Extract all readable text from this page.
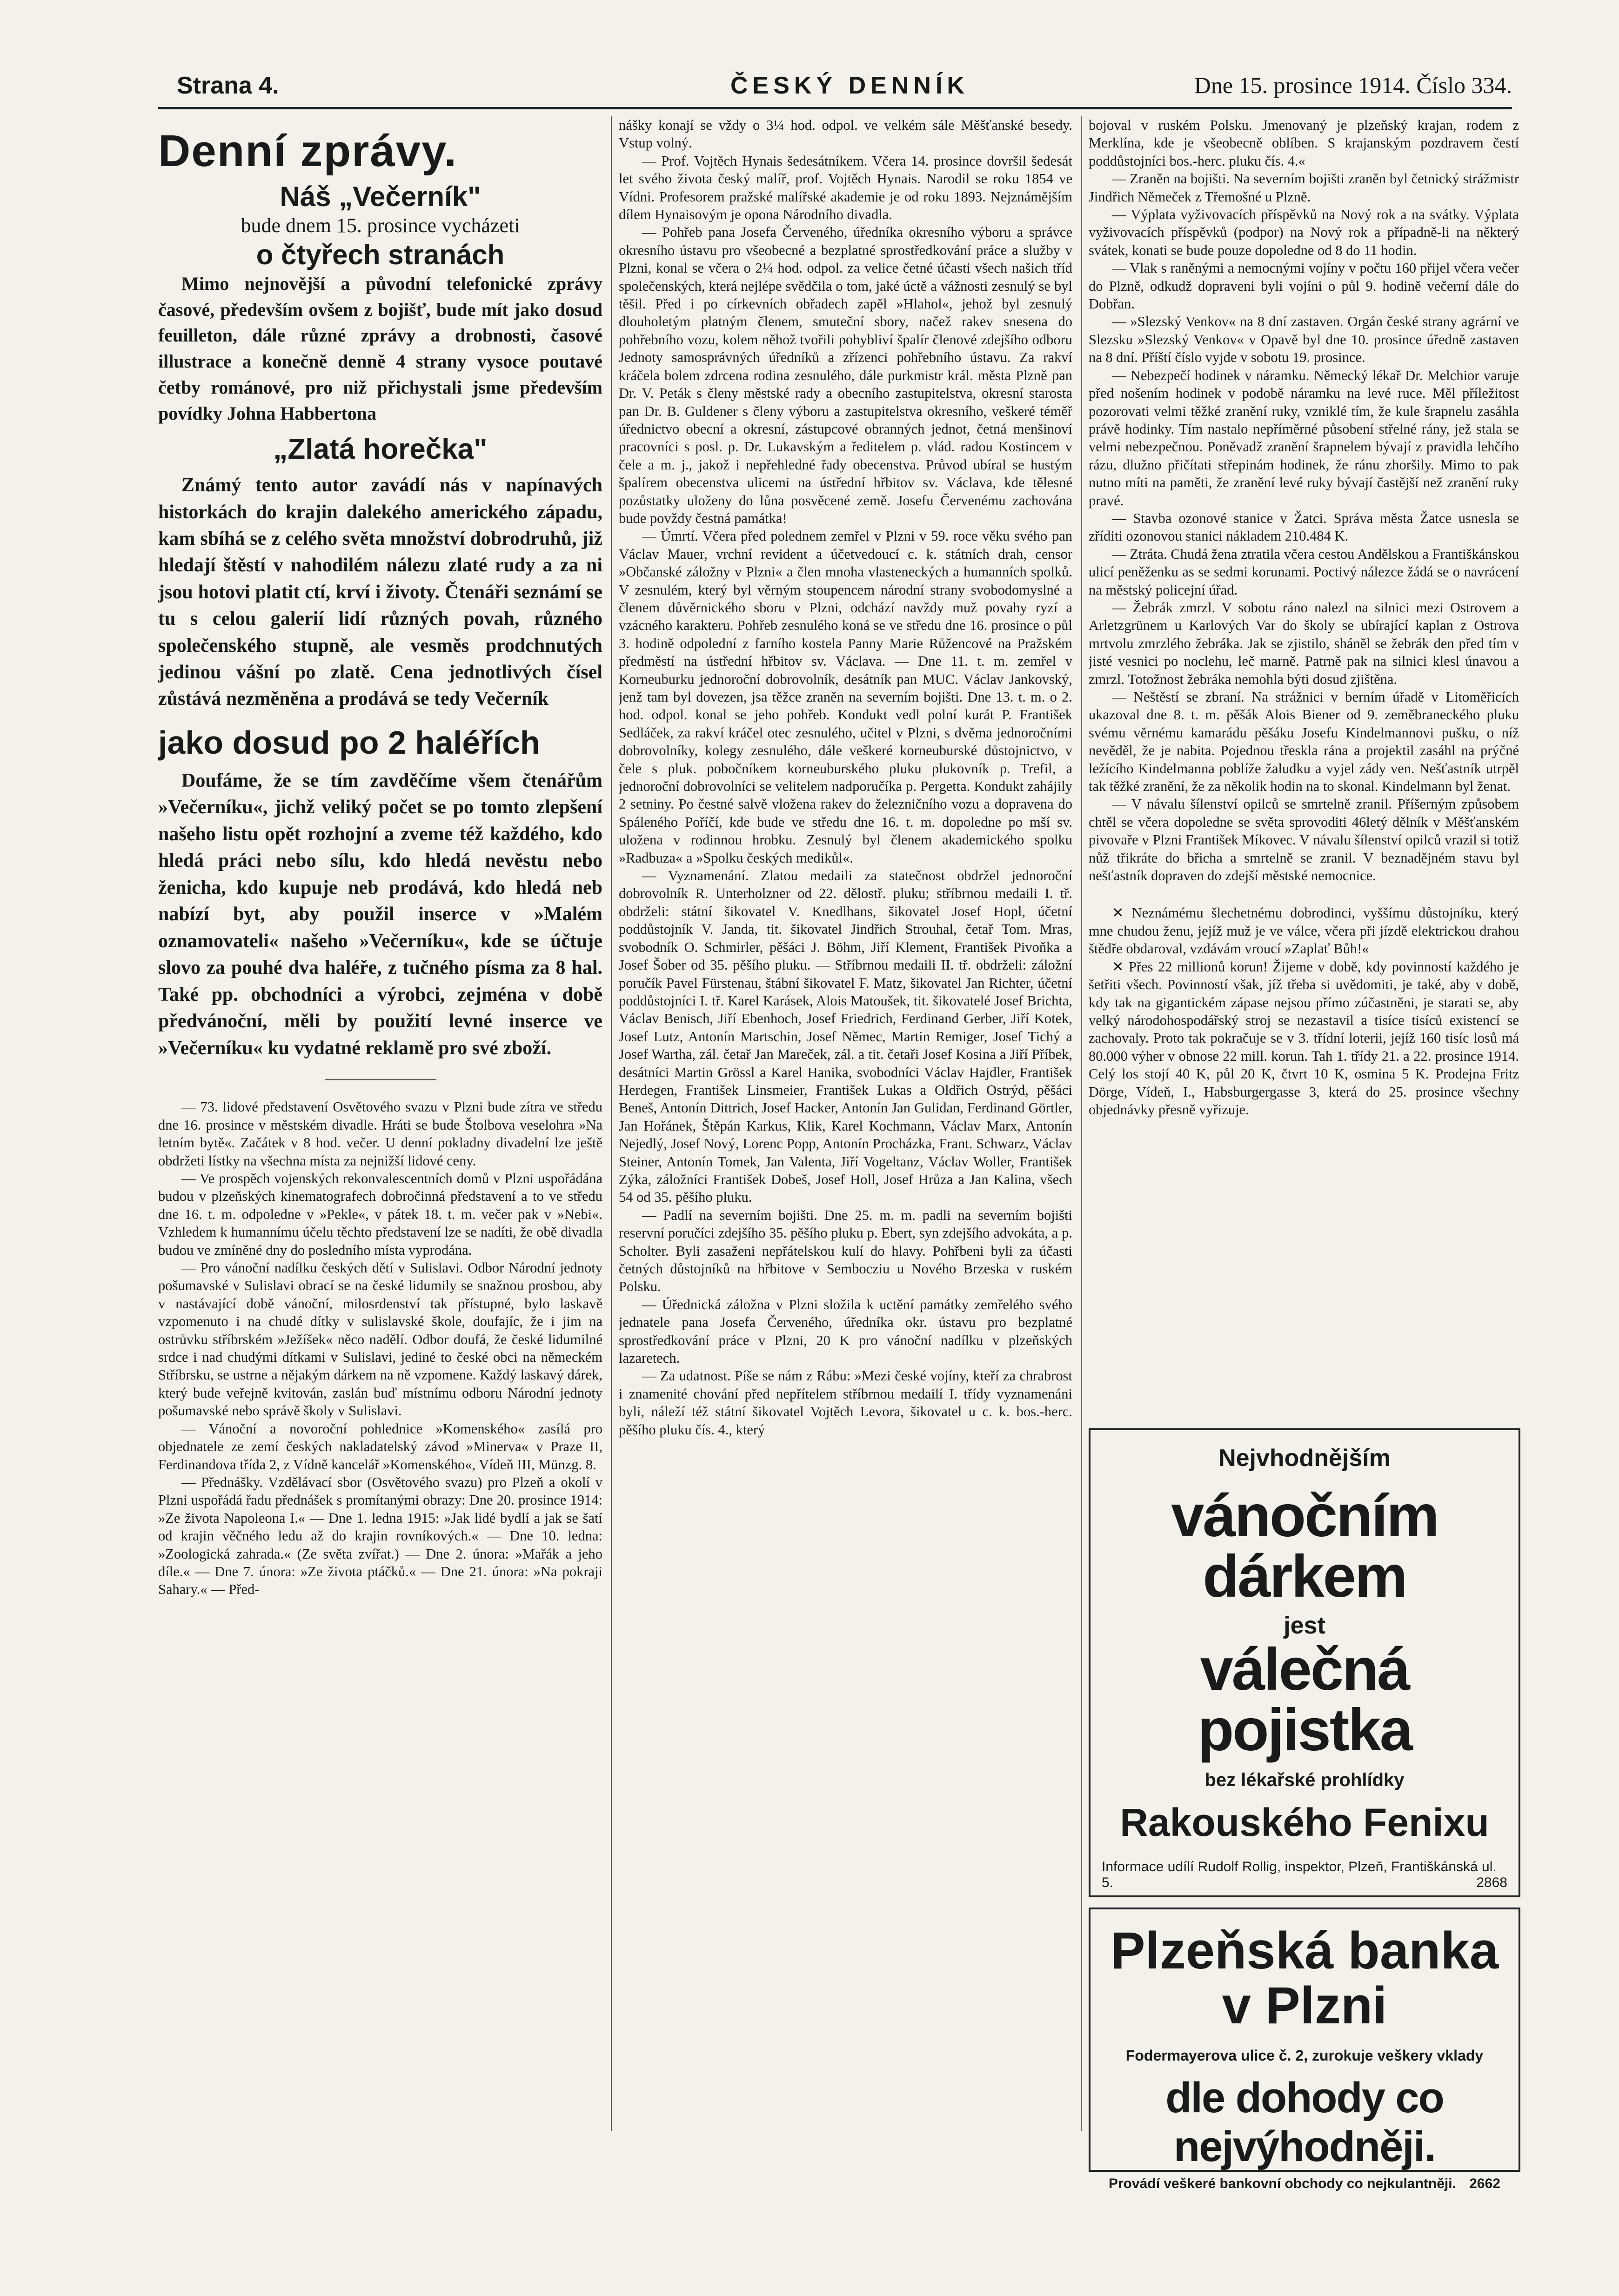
Strana 4.	ČESKÝ DENNÍK	Dne 15. prosince 1914. Číslo 334.
Denní zprávy.
Náš „Večerník"

bude dnem 15. prosince vycházeti

o čtyřech stranách

Mimo nejnovější a původní telefonické zprávy časové, především ovšem z bojišť, bude mít jako dosud feuilleton, dále různé zprávy a drobnosti, časové illustrace a konečně denně 4 strany vysoce poutavé četby románové, pro niž přichystali jsme především povídky Johna Habbertona

„Zlatá horečka"

Známý tento autor zavádí nás v napínavých historkách do krajin dalekého amerického západu, kam sbíhá se z celého světa množství dobrodruhů, již hledají štěstí v nahodilém nálezu zlaté rudy a za ni jsou hotovi platit ctí, krví i životy. Čtenáři seznámí se tu s celou galerií lidí různých povah, různého společenského stupně, ale vesměs prodchnutých jedinou vášní po zlatě. Cena jednotlivých čísel zůstává nezměněna a prodává se tedy Večerník

jako dosud po 2 haléřích

Doufáme, že se tím zavděčíme všem čtenářům »Večerníku«, jichž veliký počet se po tomto zlepšení našeho listu opět rozhojní a zveme též každého, kdo hledá práci nebo sílu, kdo hledá nevěstu nebo ženicha, kdo kupuje neb prodává, kdo hledá neb nabízí byt, aby použil inserce v »Malém oznamovateli« našeho »Večerníku«, kde se účtuje slovo za pouhé dva haléře, z tučného písma za 8 hal. Také pp. obchodníci a výrobci, zejména v době předvánoční, měli by použití levné inserce ve »Večerníku« ku vydatné reklamě pro své zboží.

— 73. lidové představení Osvětového svazu v Plzni bude zítra ve středu dne 16. prosince v městském divadle. Hráti se bude Štolbova veselohra »Na letním bytě«. Začátek v 8 hod. večer. U denní pokladny divadelní lze ještě obdržeti lístky na všechna místa za nejnižší lidové ceny.

— Ve prospěch vojenských rekonvalescentních domů v Plzni uspořádána budou v plzeňských kinematografech dobročinná představení a to ve středu dne 16. t. m. odpoledne v »Pekle«, v pátek 18. t. m. večer pak v »Nebi«. Vzhledem k humannímu účelu těchto představení lze se nadíti, že obě divadla budou ve zmíněné dny do posledního místa vyprodána.

— Pro vánoční nadílku českých dětí v Sulislavi. Odbor Národní jednoty pošumavské v Sulislavi obrací se na české lidumily se snažnou prosbou, aby v nastávající době vánoční, milosrdenství tak přístupné, bylo laskavě vzpomenuto i na chudé dítky v sulislavské škole, doufajíc, že i jim na ostrůvku stříbrském »Ježíšek« něco nadělí. Odbor doufá, že české lidumilné srdce i nad chudými dítkami v Sulislavi, jediné to české obci na německém Stříbrsku, se ustrne a nějakým dárkem na ně vzpomene. Každý laskavý dárek, který bude veřejně kvitován, zaslán buď místnímu odboru Národní jednoty pošumavské nebo správě školy v Sulislavi.

— Vánoční a novoroční pohlednice »Komenského« zasílá pro objednatele ze zemí českých nakladatelský závod »Minerva« v Praze II, Ferdinandova třída 2, z Vídně kancelář »Komenského«, Vídeň III, Münzg. 8.

— Přednášky. Vzdělávací sbor (Osvětového svazu) pro Plzeň a okolí v Plzni uspořádá řadu přednášek s promítanými obrazy: Dne 20. prosince 1914: »Ze života Napoleona I.« — Dne 1. ledna 1915: »Jak lidé bydlí a jak se šatí od krajin věčného ledu až do krajin rovníkových.« — Dne 10. ledna: »Zoologická zahrada.« (Ze světa zvířat.) — Dne 2. února: »Mařák a jeho díle.« — Dne 7. února: »Ze života ptáčků.« — Dne 21. února: »Na pokraji Sahary.« — Před-

nášky konají se vždy o 3¼ hod. odpol. ve velkém sále Měšťanské besedy. Vstup volný.

— Prof. Vojtěch Hynais šedesátníkem. Včera 14. prosince dovršil šedesát let svého života český malíř, prof. Vojtěch Hynais. Narodil se roku 1854 ve Vídni. Profesorem pražské malířské akademie je od roku 1893. Nejznámějším dílem Hynaisovým je opona Národního divadla.

— Pohřeb pana Josefa Červeného, úředníka okresního výboru a správce okresního ústavu pro všeobecné a bezplatné sprostředkování práce a služby v Plzni, konal se včera o 2¼ hod. odpol. za velice četné účasti všech našich tříd společenských, která nejlépe svědčila o tom, jaké úctě a vážnosti zesnulý se byl těšil. Před i po církevních obřadech zapěl »Hlahol«, jehož byl zesnulý dlouholetým platným členem, smuteční sbory, načež rakev snesena do pohřebního vozu, kolem něhož tvořili pohybliví špalír členové zdejšího odboru Jednoty samosprávných úředníků a zřízenci pohřebního ústavu. Za rakví kráčela bolem zdrcena rodina zesnulého, dále purkmistr král. města Plzně pan Dr. V. Peták s členy městské rady a obecního zastupitelstva, okresní starosta pan Dr. B. Guldener s členy výboru a zastupitelstva okresního, veškeré téměř úřednictvo obecní a okresní, zástupcové obranných jednot, četná menšinoví pracovníci s posl. p. Dr. Lukavským a ředitelem p. vlád. radou Kostincem v čele a m. j., jakož i nepřehledné řady obecenstva. Průvod ubíral se hustým špalírem obecenstva ulicemi na ústřední hřbitov sv. Václava, kde tělesné pozůstatky uloženy do lůna posvěcené země. Josefu Červenému zachována bude povždy čestná památka!

— Úmrtí. Včera před polednem zemřel v Plzni v 59. roce věku svého pan Václav Mauer, vrchní revident a účetvedoucí c. k. státních drah, censor »Občanské záložny v Plzni« a člen mnoha vlasteneckých a humanních spolků. V zesnulém, který byl věrným stoupencem národní strany svobodomyslné a členem důvěrnického sboru v Plzni, odchází navždy muž povahy ryzí a vzácného karakteru. Pohřeb zesnulého koná se ve středu dne 16. prosince o půl 3. hodině odpolední z farního kostela Panny Marie Růžencové na Pražském předměstí na ústřední hřbitov sv. Václava. — Dne 11. t. m. zemřel v Korneuburku jednoroční dobrovolník, desátník pan MUC. Václav Jankovský, jenž tam byl dovezen, jsa těžce zraněn na severním bojišti. Dne 13. t. m. o 2. hod. odpol. konal se jeho pohřeb. Kondukt vedl polní kurát P. František Sedláček, za rakví kráčel otec zesnulého, učitel v Plzni, s dvěma jednoročními dobrovolníky, kolegy zesnulého, dále veškeré korneuburské důstojnictvo, v čele s pluk. pobočníkem korneuburského pluku plukovník p. Trefil, a jednoroční dobrovolníci se velitelem nadporučíka p. Pergetta. Kondukt zahájily 2 setniny. Po čestné salvě vložena rakev do železničního vozu a dopravena do Spáleného Poříčí, kde bude ve středu dne 16. t. m. dopoledne po mší sv. uložena v rodinnou hrobku. Zesnulý byl členem akademického spolku »Radbuza« a »Spolku českých medikůl«.

— Vyznamenání. Zlatou medaili za statečnost obdržel jednoroční dobrovolník R. Unterholzner od 22. dělostř. pluku; stříbrnou medaili I. tř. obdrželi: státní šikovatel V. Knedlhans, šikovatel Josef Hopl, účetní poddůstojník V. Janda, tit. šikovatel Jindřich Strouhal, četař Tom. Mras, svobodník O. Schmirler, pěšáci J. Böhm, Jiří Klement, František Pivoňka a Josef Šober od 35. pěšího pluku. — Stříbrnou medaili II. tř. obdrželi: záložní poručík Pavel Fürstenau, štábní šikovatel F. Matz, šikovatel Jan Richter, účetní poddůstojníci I. tř. Karel Karásek, Alois Matoušek, tit. šikovatelé Josef Brichta, Václav Benisch, Jiří Ebenhoch, Josef Friedrich, Ferdinand Gerber, Jiří Kotek, Josef Lutz, Antonín Martschin, Josef Němec, Martin Remiger, Josef Tichý a Josef Wartha, zál. četař Jan Mareček, zál. a tit. četaři Josef Kosina a Jiří Příbek, desátníci Martin Grössl a Karel Hanika, svobodníci Václav Hajdler, František Herdegen, František Linsmeier, František Lukas a Oldřich Ostrýd, pěšáci Beneš, Antonín Dittrich, Josef Hacker, Antonín Jan Gulidan, Ferdinand Görtler, Jan Hořánek, Štěpán Karkus, Klik, Karel Kochmann, Václav Marx, Antonín Nejedlý, Josef Nový, Lorenc Popp, Antonín Procházka, Frant. Schwarz, Václav Steiner, Antonín Tomek, Jan Valenta, Jiří Vogeltanz, Václav Woller, František Zýka, záložníci František Dobeš, Josef Holl, Josef Hrůza a Jan Kalina, všech 54 od 35. pěšího pluku.

— Padlí na severním bojišti. Dne 25. m. m. padli na severním bojišti reservní poručíci zdejšího 35. pěšího pluku p. Ebert, syn zdejšího advokáta, a p. Scholter. Byli zasaženi nepřátelskou kulí do hlavy. Pohřbeni byli za účasti četných důstojníků na hřbitove v Sembocziu u Nového Brzeska v ruském Polsku.

— Úřednická záložna v Plzni složila k uctění památky zemřelého svého jednatele pana Josefa Červeného, úředníka okr. ústavu pro bezplatné sprostředkování práce v Plzni, 20 K pro vánoční nadílku v plzeňských lazaretech.

— Za udatnost. Píše se nám z Rábu: »Mezi české vojíny, kteří za chrabrost i znamenité chování před nepřítelem stříbrnou medailí I. třídy vyznamenáni byli, náleží též státní šikovatel Vojtěch Levora, šikovatel u c. k. bos.-herc. pěšího pluku čís. 4., který

bojoval v ruském Polsku. Jmenovaný je plzeňský krajan, rodem z Merklína, kde je všeobecně oblíben. S krajanským pozdravem čestí poddůstojníci bos.-herc. pluku čís. 4.«

— Zraněn na bojišti. Na severním bojišti zraněn byl četnický strážmistr Jindřich Němeček z Třemošné u Plzně.

— Výplata vyživovacích příspěvků na Nový rok a na svátky. Výplata vyživovacích příspěvků (podpor) na Nový rok a případně-li na některý svátek, konati se bude pouze dopoledne od 8 do 11 hodin.

— Vlak s raněnými a nemocnými vojíny v počtu 160 přijel včera večer do Plzně, odkudž dopraveni byli vojíni o půl 9. hodině večerní dále do Dobřan.

— »Slezský Venkov« na 8 dní zastaven. Orgán české strany agrární ve Slezsku »Slezský Venkov« v Opavě byl dne 10. prosince úředně zastaven na 8 dní. Příští číslo vyjde v sobotu 19. prosince.

— Nebezpečí hodinek v náramku. Německý lékař Dr. Melchior varuje před nošením hodinek v podobě náramku na levé ruce. Měl příležitost pozorovati velmi těžké zranění ruky, vzniklé tím, že kule šrapnelu zasáhla právě hodinky. Tím nastalo nepříměrné působení střelné rány, jež stala se velmi nebezpečnou. Poněvadž zranění šrapnelem bývají z pravidla lehčího rázu, dlužno přičítati střepinám hodinek, že ránu zhoršily. Mimo to pak nutno míti na paměti, že zranění levé ruky bývají častější než zranění ruky pravé.

— Stavba ozonové stanice v Žatci. Správa města Žatce usnesla se zříditi ozonovou stanici nákladem 210.484 K.

— Ztráta. Chudá žena ztratila včera cestou Andělskou a Františkánskou ulicí peněženku as se sedmi korunami. Poctivý nálezce žádá se o navrácení na městský policejní úřad.

— Žebrák zmrzl. V sobotu ráno nalezl na silnici mezi Ostrovem a Arletzgrünem u Karlových Var do školy se ubírající kaplan z Ostrova mrtvolu zmrzlého žebráka. Jak se zjistilo, sháněl se žebrák den před tím v jisté vesnici po noclehu, leč marně. Patrně pak na silnici klesl únavou a zmrzl. Totožnost žebráka nemohla býti dosud zjištěna.

— Neštěstí se zbraní. Na strážnici v berním úřadě v Litoměřicích ukazoval dne 8. t. m. pěšák Alois Biener od 9. zeměbraneckého pluku svému věrnému kamarádu pěšáku Josefu Kindelmannovi pušku, o níž nevěděl, že je nabita. Pojednou třeskla rána a projektil zasáhl na prýčné ležícího Kindelmanna poblíže žaludku a vyjel zády ven. Nešťastník utrpěl tak těžké zranění, že za několik hodin na to skonal. Kindelmann byl ženat.

— V návalu šílenství opilců se smrtelně zranil. Příšerným způsobem chtěl se včera dopoledne se světa sprovoditi 46letý dělník v Měšťanském pivovaře v Plzni František Míkovec. V návalu šílenství opilců vrazil si totiž nůž třikráte do břicha a smrtelně se zranil. V beznadějném stavu byl nešťastník dopraven do zdejší městské nemocnice.

✕ Neznámému šlechetnému dobrodinci, vyššímu důstojníku, který mne chudou ženu, jejíž muž je ve válce, včera při jízdě elektrickou drahou štědře obdaroval, vzdávám vroucí »Zaplať Bůh!«

✕ Přes 22 millionů korun! Žijeme v době, kdy povinností každého je šetřiti všech. Povinností však, jíž třeba si uvědomiti, je také, aby v době, kdy tak na gigantickém zápase nejsou přímo zúčastněni, je starati se, aby velký národohospodářský stroj se nezastavil a tisíce tisíců existencí se zachovaly. Proto tak pokračuje se v 3. třídní loterii, jejíž 160 tisíc losů má 80.000 výher v obnose 22 mill. korun. Tah 1. třídy 21. a 22. prosince 1914. Celý los stojí 40 K, půl 20 K, čtvrt 10 K, osmina 5 K. Prodejna Fritz Dörge, Vídeň, I., Habsburgergasse 3, která do 25. prosince všechny objednávky přesně vyřizuje.

Nejvhodnějším
vánočním dárkem
jest
válečná pojistka
bez lékařské prohlídky
Rakouského Fenixu
Informace udílí Rudolf Rollig, inspektor, Plzeň, Františkánská ul. 5.	2868
Plzeňská banka
v Plzni
Fodermayerova ulice č. 2, zurokuje veškery vklady
dle dohody co nejvýhodněji.
Provádí veškeré bankovní obchody co nejkulantněji. 2662
